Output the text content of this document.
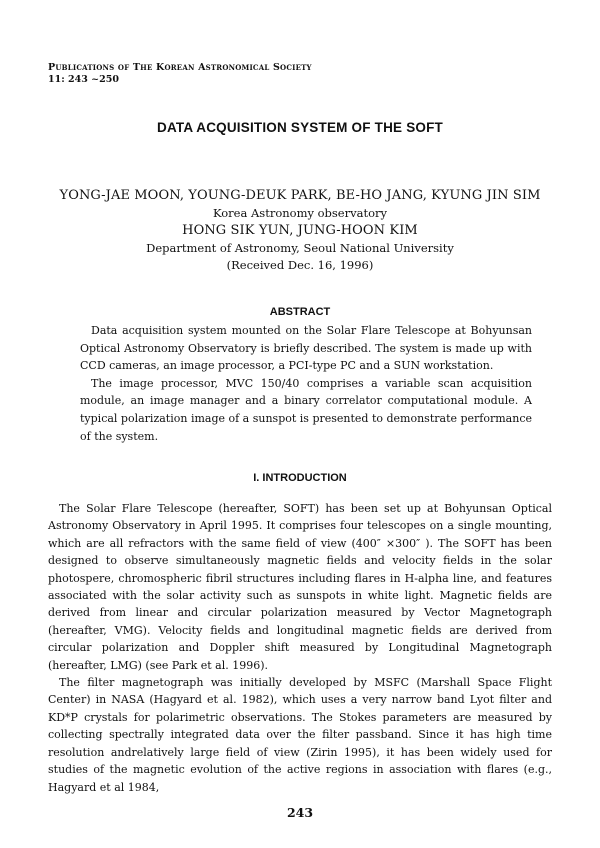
Publications of The Korean Astronomical Society
11: 243 ~250
DATA ACQUISITION SYSTEM OF THE SOFT
YONG-JAE MOON, YOUNG-DEUK PARK, BE-HO JANG, KYUNG JIN SIM
Korea Astronomy observatory
HONG SIK YUN, JUNG-HOON KIM
Department of Astronomy, Seoul National University
(Received Dec. 16, 1996)
ABSTRACT

Data acquisition system mounted on the Solar Flare Telescope at Bohyunsan Optical Astronomy Observatory is briefly described. The system is made up with CCD cameras, an image processor, a PCI-type PC and a SUN workstation.

The image processor, MVC 150/40 comprises a variable scan acquisition module, an image manager and a binary correlator computational module. A typical polarization image of a sunspot is presented to demonstrate performance of the system.

I. INTRODUCTION

The Solar Flare Telescope (hereafter, SOFT) has been set up at Bohyunsan Optical Astronomy Observatory in April 1995. It comprises four telescopes on a single mounting, which are all refractors with the same field of view (400″ ×300″ ). The SOFT has been designed to observe simultaneously magnetic fields and velocity fields in the solar photospere, chromospheric fibril structures including flares in H-alpha line, and features associated with the solar activity such as sunspots in white light. Magnetic fields are derived from linear and circular polarization measured by Vector Magnetograph (hereafter, VMG). Velocity fields and longitudinal magnetic fields are derived from circular polarization and Doppler shift measured by Longitudinal Magnetograph (hereafter, LMG) (see Park et al. 1996).

The filter magnetograph was initially developed by MSFC (Marshall Space Flight Center) in NASA (Hagyard et al. 1982), which uses a very narrow band Lyot filter and KD*P crystals for polarimetric observations. The Stokes parameters are measured by collecting spectrally integrated data over the filter passband. Since it has high time resolution andrelatively large field of view (Zirin 1995), it has been widely used for studies of the magnetic evolution of the active regions in association with flares (e.g., Hagyard et al 1984,

243
